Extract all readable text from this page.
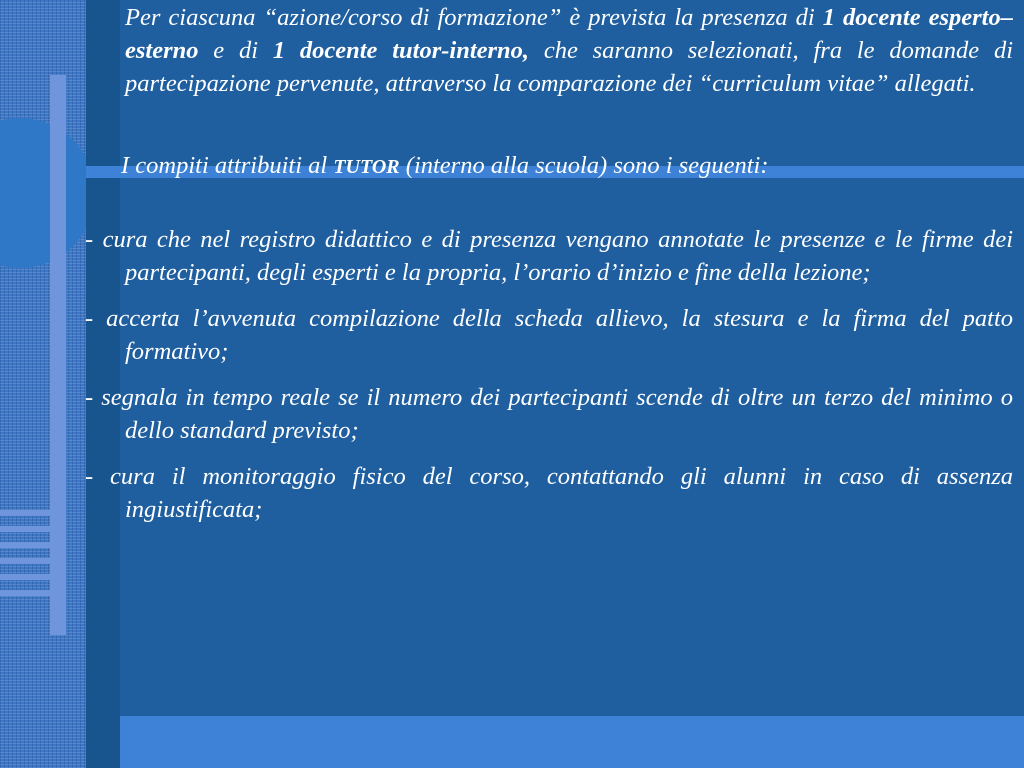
Per ciascuna “azione/corso di formazione” è prevista la presenza di 1 docente esperto–esterno e di 1 docente tutor-interno, che saranno selezionati, fra le domande di partecipazione pervenute, attraverso la comparazione dei “curriculum vitae” allegati.
I compiti attribuiti al TUTOR (interno alla scuola) sono i seguenti:
- cura che nel registro didattico e di presenza vengano annotate le presenze e le firme dei partecipanti, degli esperti e la propria, l’orario d’inizio e fine della lezione;
- accerta l’avvenuta compilazione della scheda allievo, la stesura e la firma del patto formativo;
- segnala in tempo reale se il numero dei partecipanti scende di oltre un terzo del minimo o dello standard previsto;
- cura il monitoraggio fisico del corso, contattando gli alunni in caso di assenza ingiustificata;
